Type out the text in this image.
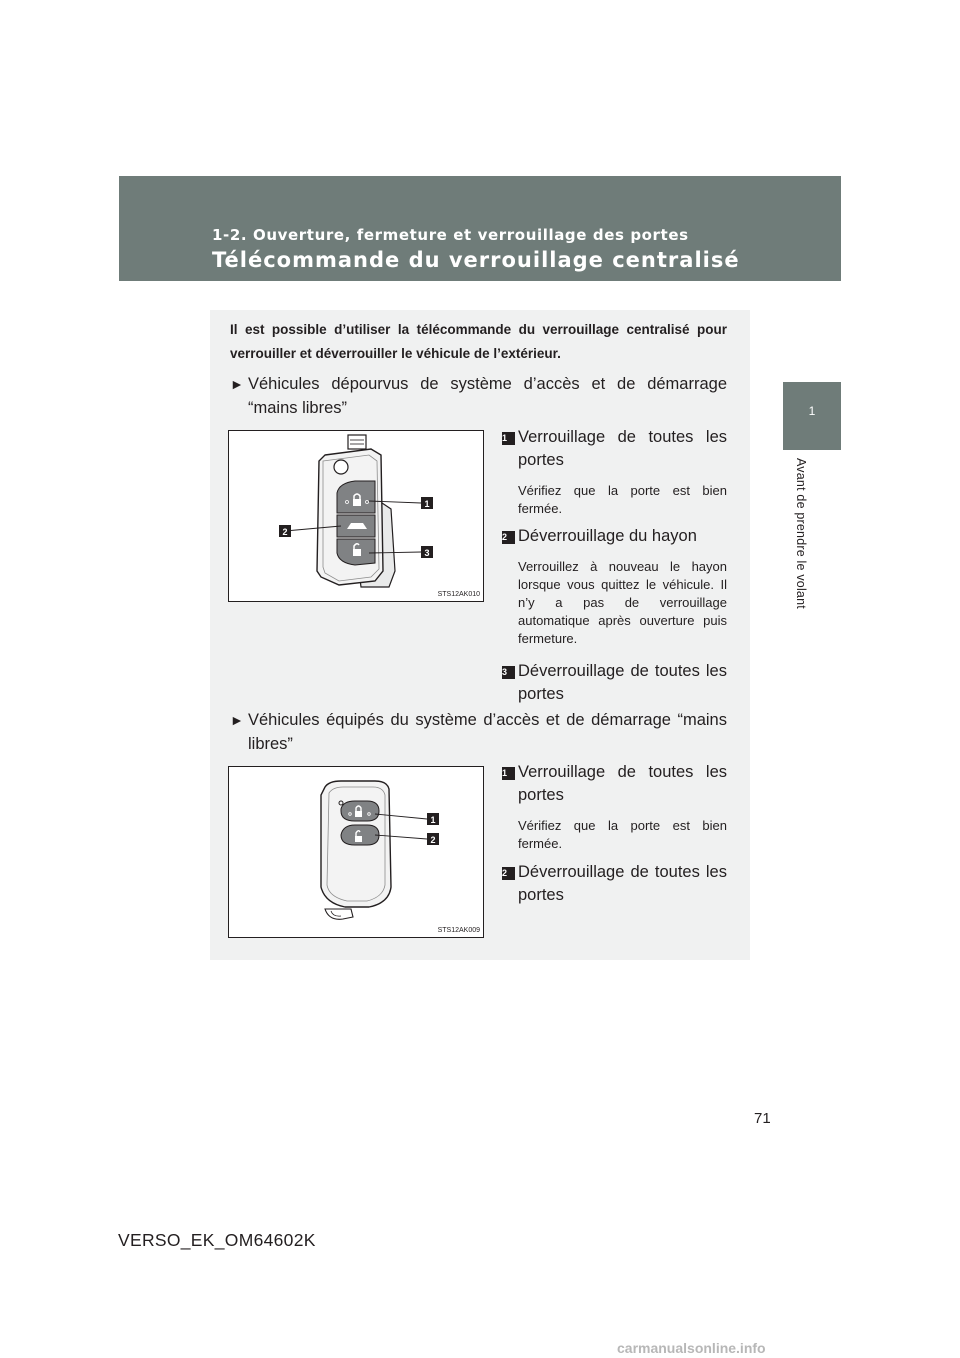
1-2. Ouverture, fermeture et verrouillage des portes
Télécommande du verrouillage centralisé
1
Avant de prendre le volant
Il est possible d’utiliser la télécommande du verrouillage centralisé pour verrouiller et déverrouiller le véhicule de l’extérieur.
► Véhicules dépourvus de système d’accès et de démarrage “mains libres”
1
2
3
STS12AK010
1 Verrouillage de toutes les portes
Vérifiez que la porte est bien fermée.
2 Déverrouillage du hayon
Verrouillez à nouveau le hayon lorsque vous quittez le véhicule. Il n’y a pas de verrouillage automatique après ouverture puis fermeture.
3 Déverrouillage de toutes les portes
► Véhicules équipés du système d’accès et de démarrage “mains libres”
1
2
STS12AK009
1 Verrouillage de toutes les portes
Vérifiez que la porte est bien fermée.
2 Déverrouillage de toutes les portes
71
VERSO_EK_OM64602K
carmanualsonline.info
